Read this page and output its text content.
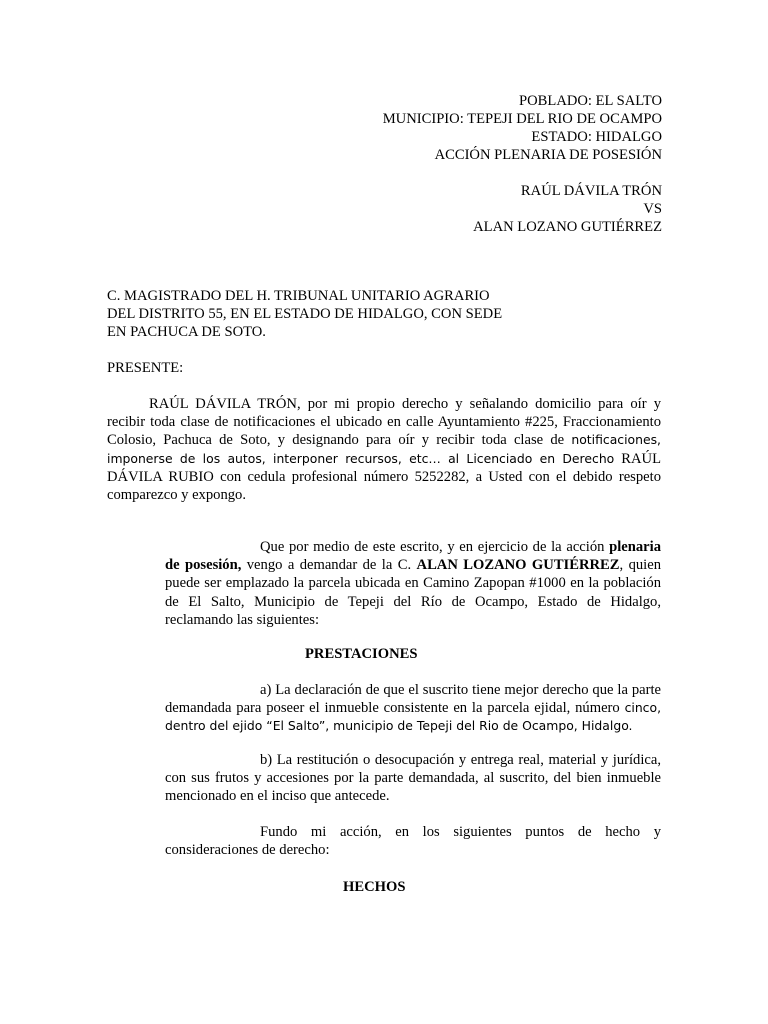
POBLADO: EL SALTO
MUNICIPIO: TEPEJI DEL RIO DE OCAMPO
ESTADO: HIDALGO
ACCIÓN PLENARIA DE POSESIÓN
RAÚL DÁVILA TRÓN
VS
ALAN LOZANO GUTIÉRREZ
C. MAGISTRADO DEL H. TRIBUNAL UNITARIO AGRARIO
DEL DISTRITO 55, EN EL ESTADO DE HIDALGO, CON SEDE
EN PACHUCA DE SOTO.
PRESENTE:
RAÚL DÁVILA TRÓN, por mi propio derecho y señalando domicilio para oír y recibir toda clase de notificaciones el ubicado en calle Ayuntamiento #225, Fraccionamiento Colosio, Pachuca de Soto, y designando para oír y recibir toda clase de notificaciones, imponerse de los autos, interponer recursos, etc… al Licenciado en Derecho RAÚL DÁVILA RUBIO con cedula profesional número 5252282, a Usted con el debido respeto comparezco y expongo.
Que por medio de este escrito, y en ejercicio de la acción plenaria de posesión, vengo a demandar de la C. ALAN LOZANO GUTIÉRREZ, quien puede ser emplazado la parcela ubicada en Camino Zapopan #1000 en la población de El Salto, Municipio de Tepeji del Río de Ocampo, Estado de Hidalgo, reclamando las siguientes:
PRESTACIONES
a) La declaración de que el suscrito tiene mejor derecho que la parte demandada para poseer el inmueble consistente en la parcela ejidal, número cinco, dentro del ejido “El Salto”, municipio de Tepeji del Rio de Ocampo, Hidalgo.
b) La restitución o desocupación y entrega real, material y jurídica, con sus frutos y accesiones por la parte demandada, al suscrito, del bien inmueble mencionado en el inciso que antecede.
Fundo mi acción, en los siguientes puntos de hecho y consideraciones de derecho:
HECHOS
